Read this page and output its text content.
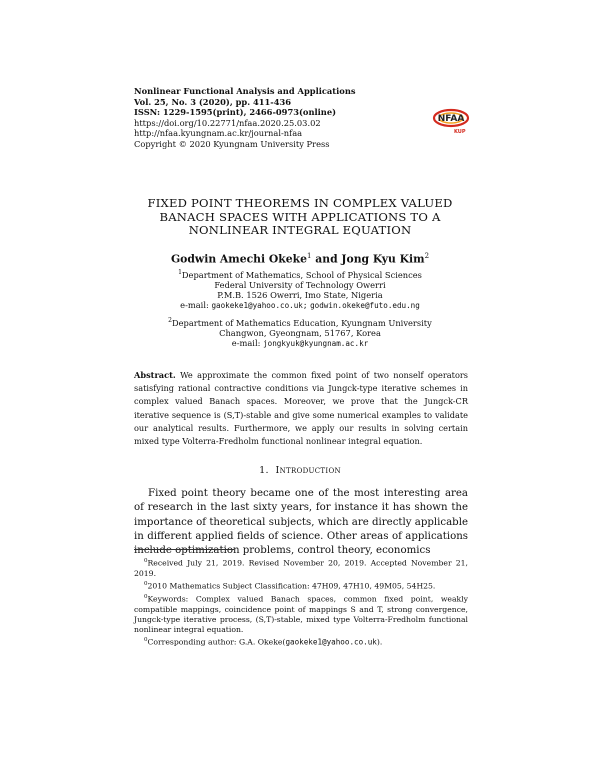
Nonlinear Functional Analysis and Applications
Vol. 25, No. 3 (2020), pp. 411-436
ISSN: 1229-1595(print), 2466-0973(online)
https://doi.org/10.22771/nfaa.2020.25.03.02
http://nfaa.kyungnam.ac.kr/journal-nfaa
Copyright © 2020 Kyungnam University Press
NFAA
KUP
FIXED POINT THEOREMS IN COMPLEX VALUED
BANACH SPACES WITH APPLICATIONS TO A
NONLINEAR INTEGRAL EQUATION
Godwin Amechi Okeke$^1$ and Jong Kyu Kim$^2$
$^1$Department of Mathematics, School of Physical Sciences
Federal University of Technology Owerri
P.M.B. 1526 Owerri, Imo State, Nigeria
e-mail: gaokeke1@yahoo.co.uk; godwin.okeke@futo.edu.ng
$^2$Department of Mathematics Education, Kyungnam University
Changwon, Gyeongnam, 51767, Korea
e-mail: jongkyuk@kyungnam.ac.kr
Abstract. We approximate the common fixed point of two nonself operators satisfying rational contractive conditions via Jungck-type iterative schemes in complex valued Banach spaces. Moreover, we prove that the Jungck-CR iterative sequence is (S,T)-stable and give some numerical examples to validate our analytical results. Furthermore, we apply our results in solving certain mixed type Volterra-Fredholm functional nonlinear integral equation.
1. Introduction
Fixed point theory became one of the most interesting area of research in the last sixty years, for instance it has shown the importance of theoretical subjects, which are directly applicable in different applied fields of science. Other areas of applications include optimization problems, control theory, economics
$^0$Received July 21, 2019. Revised November 20, 2019. Accepted November 21, 2019.
$^0$2010 Mathematics Subject Classification: 47H09, 47H10, 49M05, 54H25.
$^0$Keywords: Complex valued Banach spaces, common fixed point, weakly compatible mappings, coincidence point of mappings S and T, strong convergence, Jungck-type iterative process, (S,T)-stable, mixed type Volterra-Fredholm functional nonlinear integral equation.
$^0$Corresponding author: G.A. Okeke(gaokeke1@yahoo.co.uk).
